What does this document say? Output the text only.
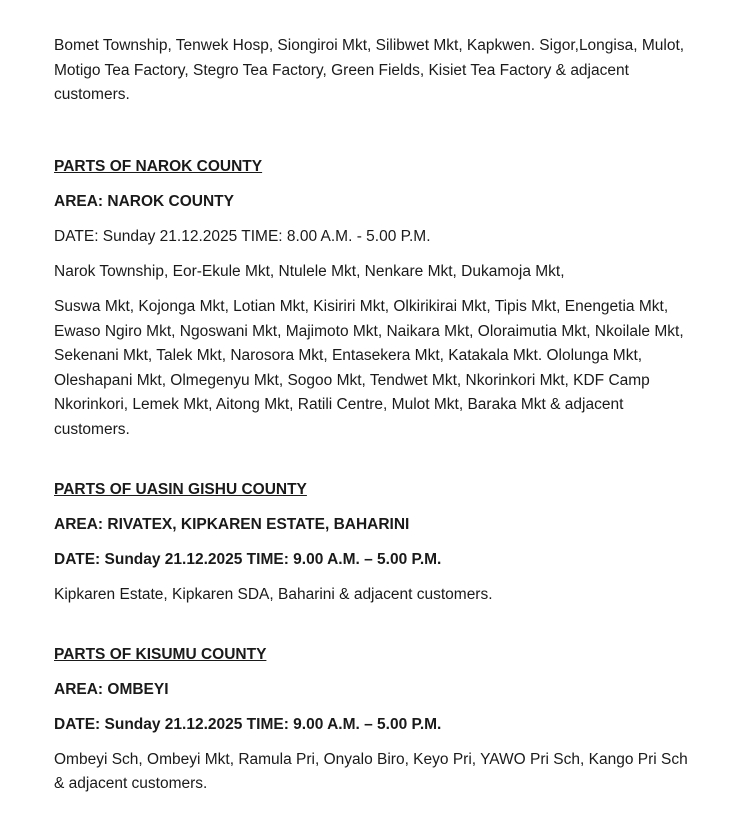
Bomet Township, Tenwek Hosp, Siongiroi Mkt, Silibwet Mkt, Kapkwen. Sigor,Longisa, Mulot, Motigo Tea Factory, Stegro Tea Factory, Green Fields, Kisiet Tea Factory & adjacent customers.

PARTS OF NAROK COUNTY

AREA: NAROK COUNTY

DATE: Sunday 21.12.2025 TIME: 8.00 A.M. - 5.00 P.M.

Narok Township, Eor-Ekule Mkt, Ntulele Mkt, Nenkare Mkt, Dukamoja Mkt,

Suswa Mkt, Kojonga Mkt, Lotian Mkt, Kisiriri Mkt, Olkirikirai Mkt, Tipis Mkt, Enengetia Mkt, Ewaso Ngiro Mkt, Ngoswani Mkt, Majimoto Mkt, Naikara Mkt, Oloraimutia Mkt, Nkoilale Mkt, Sekenani Mkt, Talek Mkt, Narosora Mkt, Entasekera Mkt, Katakala Mkt. Ololunga Mkt, Oleshapani Mkt, Olmegenyu Mkt, Sogoo Mkt, Tendwet Mkt, Nkorinkori Mkt, KDF Camp Nkorinkori, Lemek Mkt, Aitong Mkt, Ratili Centre, Mulot Mkt, Baraka Mkt & adjacent customers.

PARTS OF UASIN GISHU COUNTY

AREA: RIVATEX, KIPKAREN ESTATE, BAHARINI

DATE: Sunday 21.12.2025 TIME: 9.00 A.M. – 5.00 P.M.

Kipkaren Estate, Kipkaren SDA, Baharini & adjacent customers.

PARTS OF KISUMU COUNTY

AREA: OMBEYI

DATE: Sunday 21.12.2025 TIME: 9.00 A.M. – 5.00 P.M.

Ombeyi Sch, Ombeyi Mkt, Ramula Pri, Onyalo Biro, Keyo Pri, YAWO Pri Sch, Kango Pri Sch & adjacent customers.
